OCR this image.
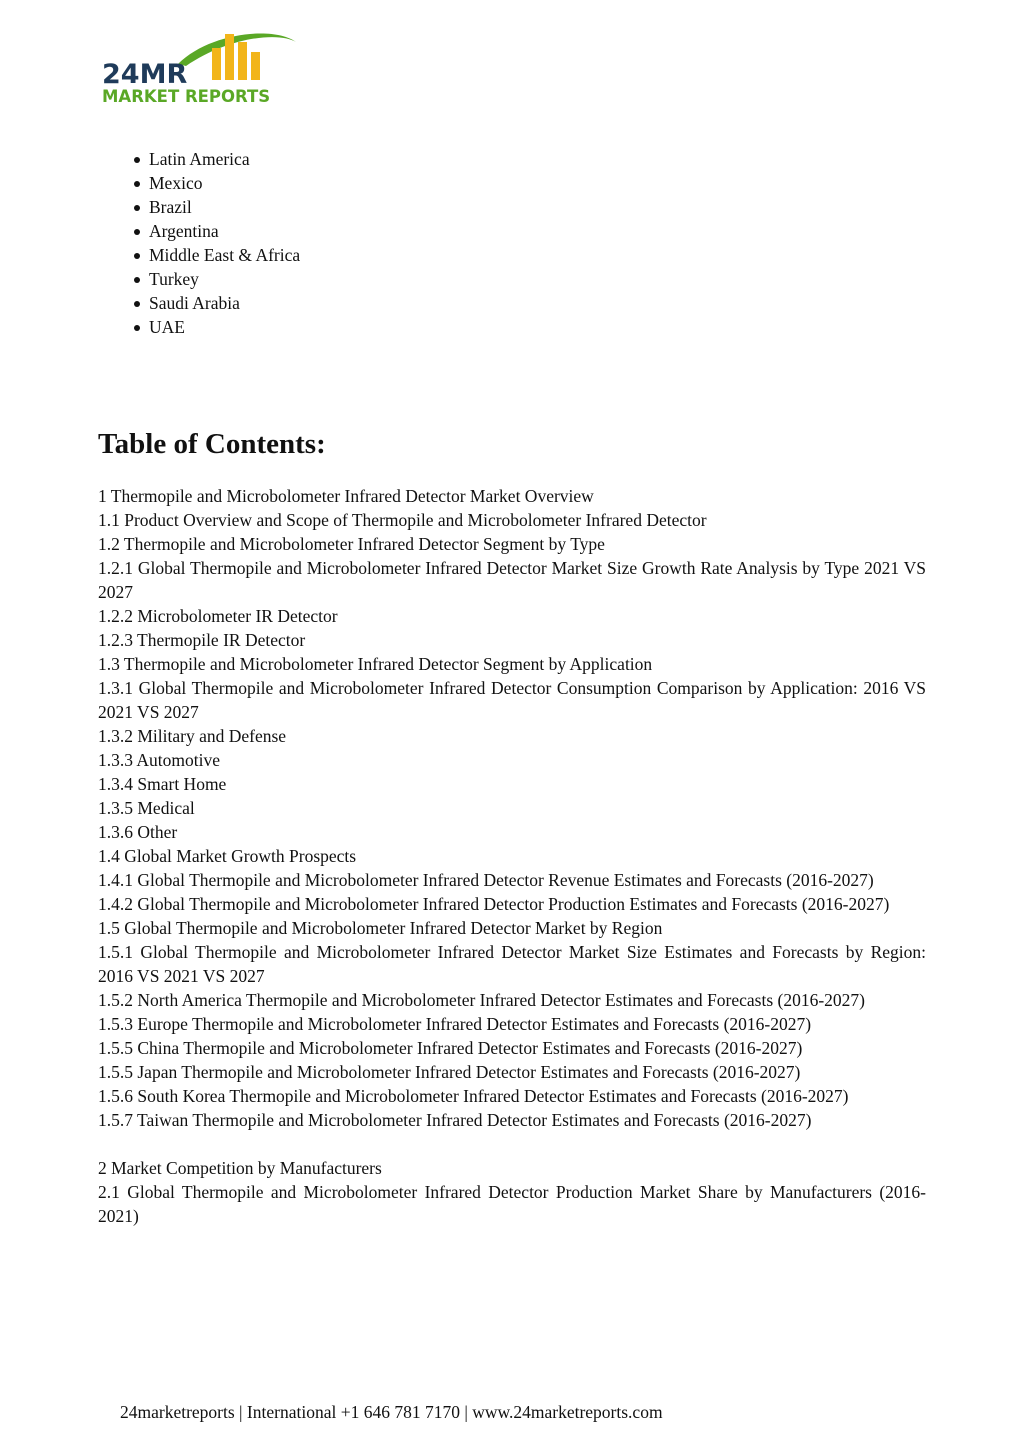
24MR
MARKET REPORTS
Latin America
Mexico
Brazil
Argentina
Middle East & Africa
Turkey
Saudi Arabia
UAE
Table of Contents:
1 Thermopile and Microbolometer Infrared Detector Market Overview
1.1 Product Overview and Scope of Thermopile and Microbolometer Infrared Detector
1.2 Thermopile and Microbolometer Infrared Detector Segment by Type
1.2.1 Global Thermopile and Microbolometer Infrared Detector Market Size Growth Rate Analysis by Type 2021 VS 2027
1.2.2 Microbolometer IR Detector
1.2.3 Thermopile IR Detector
1.3 Thermopile and Microbolometer Infrared Detector Segment by Application
1.3.1 Global Thermopile and Microbolometer Infrared Detector Consumption Comparison by Application: 2016 VS 2021 VS 2027
1.3.2 Military and Defense
1.3.3 Automotive
1.3.4 Smart Home
1.3.5 Medical
1.3.6 Other
1.4 Global Market Growth Prospects
1.4.1 Global Thermopile and Microbolometer Infrared Detector Revenue Estimates and Forecasts (2016-2027)
1.4.2 Global Thermopile and Microbolometer Infrared Detector Production Estimates and Forecasts (2016-2027)
1.5 Global Thermopile and Microbolometer Infrared Detector Market by Region
1.5.1 Global Thermopile and Microbolometer Infrared Detector Market Size Estimates and Forecasts by Region: 2016 VS 2021 VS 2027
1.5.2 North America Thermopile and Microbolometer Infrared Detector Estimates and Forecasts (2016-2027)
1.5.3 Europe Thermopile and Microbolometer Infrared Detector Estimates and Forecasts (2016-2027)
1.5.5 China Thermopile and Microbolometer Infrared Detector Estimates and Forecasts (2016-2027)
1.5.5 Japan Thermopile and Microbolometer Infrared Detector Estimates and Forecasts (2016-2027)
1.5.6 South Korea Thermopile and Microbolometer Infrared Detector Estimates and Forecasts (2016-2027)
1.5.7 Taiwan Thermopile and Microbolometer Infrared Detector Estimates and Forecasts (2016-2027)
2 Market Competition by Manufacturers
2.1 Global Thermopile and Microbolometer Infrared Detector Production Market Share by Manufacturers (2016-2021)
24marketreports | International +1 646 781 7170 | www.24marketreports.com
